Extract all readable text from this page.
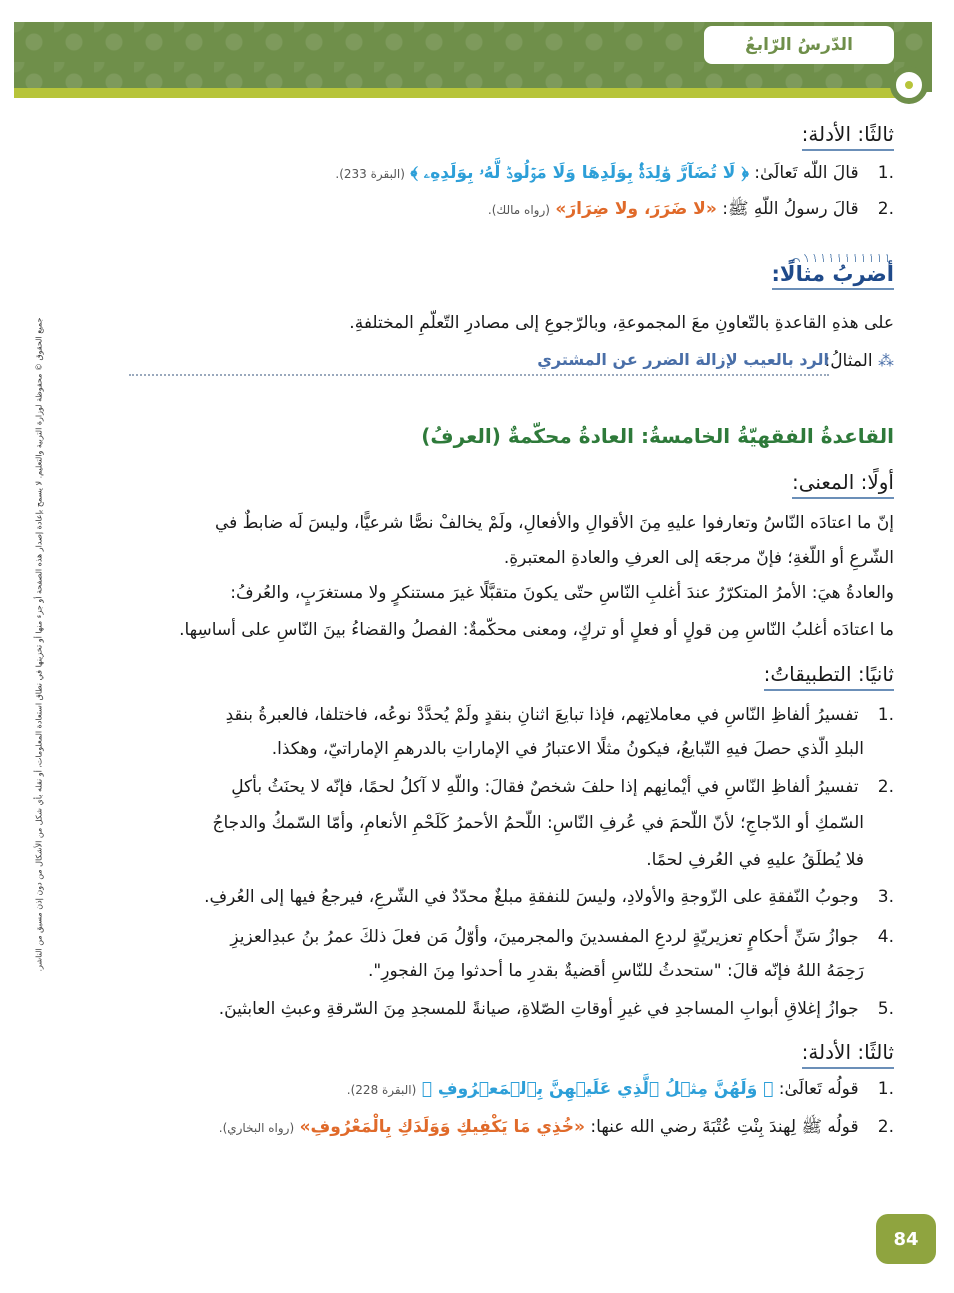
الدّرسُ الرّابعُ
ثالثًا: الأدلة:
.1 قالَ اللّه تَعالَىٰ: ﴿ لَا تُضَآرَّ وَٰلِدَةُۢ بِوَلَدِهَا وَلَا مَوۡلُودٞ لَّهُۥ بِوَلَدِهِۦ ﴾ (البقرة 233).
.2 قالَ رسولُ اللّهِ ﷺ: «لا ضَرَرَ، ولا ضِرَارَ» (رواه مالك).
أضربُ مثالًا:
على هذهِ القاعدةِ بالتّعاونِ معَ المجموعةِ، وبالرّجوعِ إلى مصادرِ التّعلّمِ المختلفةِ.
⁂ المثالُ:
الرد بالعيب لإزالة الضرر عن المشتري
القاعدةُ الفقهيّةُ الخامسةُ: العادةُ محكّمةٌ (العرفُ)
أولًا: المعنى:
إنّ ما اعتادَه النّاسُ وتعارفوا عليهِ مِنَ الأقوالِ والأفعالِ، ولَمْ يخالفْ نصًّا شرعيًّا، وليسَ لَه ضابطٌ في
الشّرعِ أو اللّغةِ؛ فإنّ مرجعَه إلى العرفِ والعادةِ المعتبرةِ.
والعادةُ هيَ: الأمرُ المتكرّرُ عندَ أغلبِ النّاسِ حتّى يكونَ متقبَّلًا غيرَ مستنكرٍ ولا مستغرَبٍ، والعُرفُ:
ما اعتادَه أغلبُ النّاسِ مِن قولٍ أو فعلٍ أو تركٍ، ومعنى محكّمةٌ: الفصلُ والقضاءُ بينَ النّاسِ على أساسِها.
ثانيًا: التطبيقاتُ:
.1 تفسيرُ ألفاظِ النّاسِ في معاملاتِهم، فإذا تبايعَ اثنانِ بنقدٍ ولَمْ يُحدَّدْ نوعُه، فاختلفا، فالعبرةُ بنقدِ
البلدِ الّذي حصلَ فيهِ التّبايعُ، فيكونُ مثلًا الاعتبارُ في الإماراتِ بالدرهمِ الإماراتيّ، وهكذا.
.2 تفسيرُ ألفاظِ النّاسِ في أيْمانِهم إذا حلفَ شخصٌ فقالَ: واللّهِ لا آكلُ لحمًا، فإنّه لا يحنَثُ بأكلِ
السّمكِ أو الدّجاجِ؛ لأنّ اللّحمَ في عُرفِ النّاسِ: اللّحمُ الأحمرُ كَلَحْمِ الأنعامِ، وأمّا السّمكُ والدجاجُ
فلا يُطلَقُ عليهِ في العُرفِ لحمًا.
.3 وجوبُ النّفقةِ على الزّوجةِ والأولادِ، وليسَ للنفقةِ مبلغٌ محدّدٌ في الشّرعِ، فيرجعُ فيها إلى العُرفِ.
.4 جوازُ سَنِّ أحكامٍ تعزيريّةٍ لردعِ المفسدينَ والمجرمينَ، وأوّلُ مَن فعلَ ذلكَ عمرُ بنُ عبدِالعزيزِ
رَحِمَهُ اللهُ فإنّه قالَ: "ستحدثُ للنّاسِ أقضيةٌ بقدرِ ما أحدثوا مِنَ الفجورِ".
.5 جوازُ إغلاقِ أبوابِ المساجدِ في غيرِ أوقاتِ الصّلاةِ، صيانةً للمسجدِ مِنَ السّرقةِ وعبثِ العابثينَ.
ثالثًا: الأدلة:
.1 قولُه تَعالَىٰ: ﴿ وَلَهُنَّ مِثۡلُ ٱلَّذِي عَلَيۡهِنَّ بِٱلۡمَعۡرُوفِ ﴾ (البقرة 228).
.2 قولُه ﷺ لِهندَ بِنْتِ عُتْبَةَ رضي الله عنها: «خُذِي مَا يَكْفِيكِ وَوَلَدَكِ بِالْمَعْرُوفِ» (رواه البخاري).
جميع الحقوق © محفوظة لوزارة التربية والتعليم. لا يسمح بإعادة إصدار هذه الصفحة أو جزء منها أو تخزينها في نطاق استعادة المعلومات، أو نقله بأي شكل من الأشكال من دون إذن مسبق من الناشر.
84
